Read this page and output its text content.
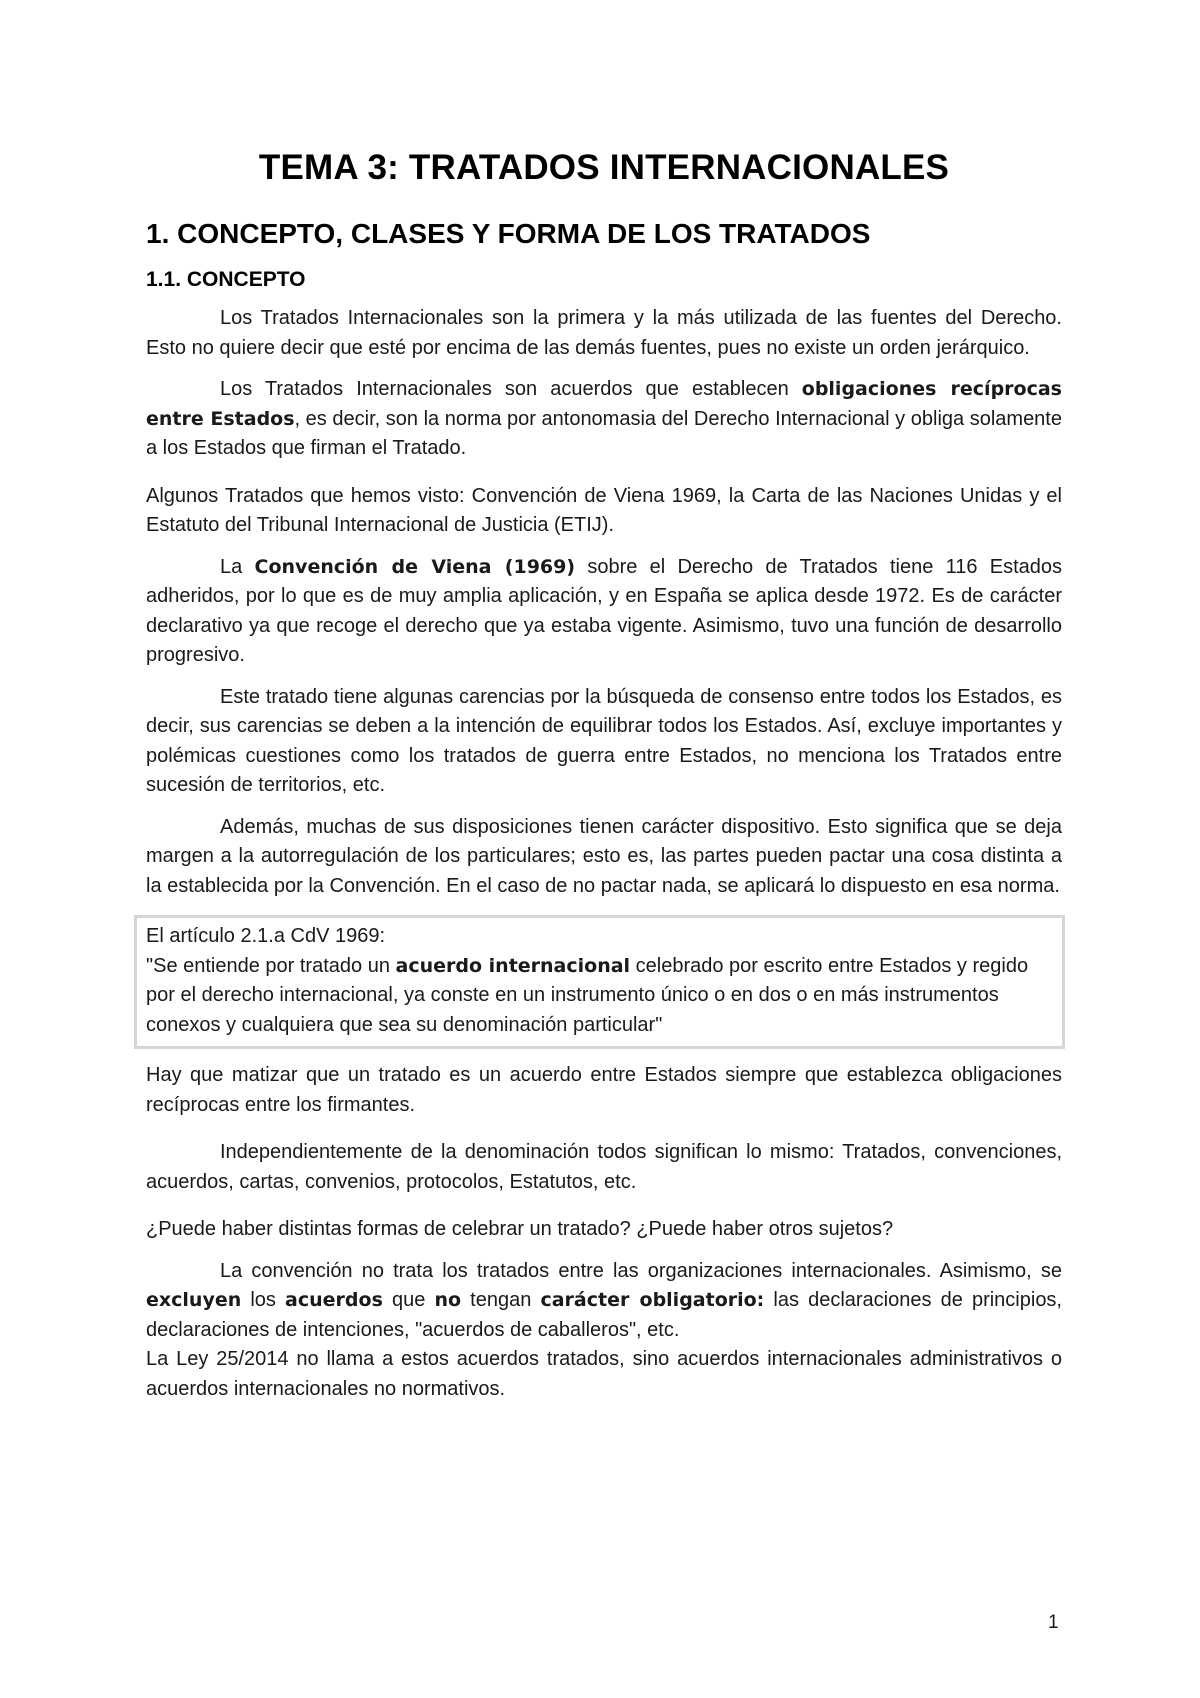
TEMA 3: TRATADOS INTERNACIONALES
1. CONCEPTO, CLASES Y FORMA DE LOS TRATADOS
1.1. CONCEPTO

Los Tratados Internacionales son la primera y la más utilizada de las fuentes del Derecho. Esto no quiere decir que esté por encima de las demás fuentes, pues no existe un orden jerárquico.

Los Tratados Internacionales son acuerdos que establecen obligaciones recíprocas entre Estados, es decir, son la norma por antonomasia del Derecho Internacional y obliga solamente a los Estados que firman el Tratado.

Algunos Tratados que hemos visto: Convención de Viena 1969, la Carta de las Naciones Unidas y el Estatuto del Tribunal Internacional de Justicia (ETIJ).

La Convención de Viena (1969) sobre el Derecho de Tratados tiene 116 Estados adheridos, por lo que es de muy amplia aplicación, y en España se aplica desde 1972. Es de carácter declarativo ya que recoge el derecho que ya estaba vigente. Asimismo, tuvo una función de desarrollo progresivo.

Este tratado tiene algunas carencias por la búsqueda de consenso entre todos los Estados, es decir, sus carencias se deben a la intención de equilibrar todos los Estados. Así, excluye importantes y polémicas cuestiones como los tratados de guerra entre Estados, no menciona los Tratados entre sucesión de territorios, etc.

Además, muchas de sus disposiciones tienen carácter dispositivo. Esto significa que se deja margen a la autorregulación de los particulares; esto es, las partes pueden pactar una cosa distinta a la establecida por la Convención. En el caso de no pactar nada, se aplicará lo dispuesto en esa norma.

El artículo 2.1.a CdV 1969:

"Se entiende por tratado un acuerdo internacional celebrado por escrito entre Estados y regido por el derecho internacional, ya conste en un instrumento único o en dos o en más instrumentos conexos y cualquiera que sea su denominación particular"

Hay que matizar que un tratado es un acuerdo entre Estados siempre que establezca obligaciones recíprocas entre los firmantes.

Independientemente de la denominación todos significan lo mismo: Tratados, convenciones, acuerdos, cartas, convenios, protocolos, Estatutos, etc.

¿Puede haber distintas formas de celebrar un tratado? ¿Puede haber otros sujetos?

La convención no trata los tratados entre las organizaciones internacionales. Asimismo, se excluyen los acuerdos que no tengan carácter obligatorio: las declaraciones de principios, declaraciones de intenciones, "acuerdos de caballeros", etc.

La Ley 25/2014 no llama a estos acuerdos tratados, sino acuerdos internacionales administrativos o acuerdos internacionales no normativos.

1
